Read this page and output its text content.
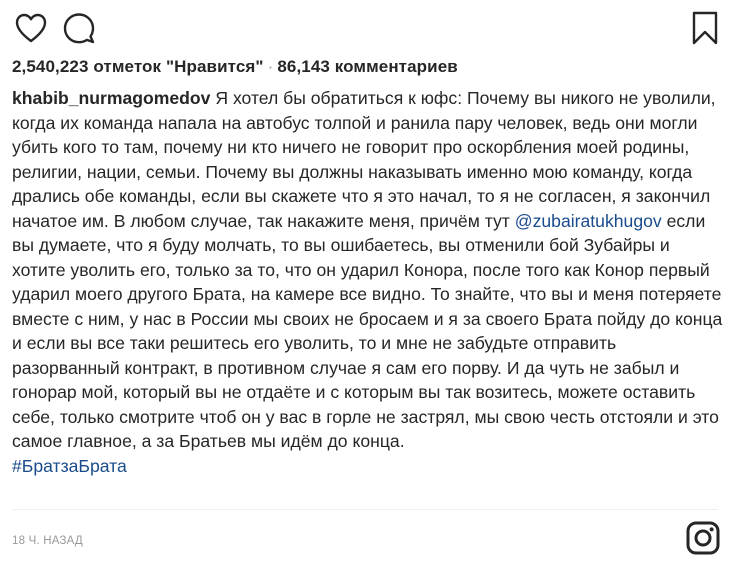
2,540,223 отметок "Нравится" · 86,143 комментариев
khabib_nurmagomedov Я хотел бы обратиться к юфс: Почему вы никого не уволили, когда их команда напала на автобус толпой и ранила пару человек, ведь они могли убить кого то там, почему ни кто ничего не говорит про оскорбления моей родины, религии, нации, семьи. Почему вы должны наказывать именно мою команду, когда дрались обе команды, если вы скажете что я это начал, то я не согласен, я закончил начатое им. В любом случае, так накажите меня, причём тут @zubairatukhugov если вы думаете, что я буду молчать, то вы ошибаетесь, вы отменили бой Зубайры и хотите уволить его, только за то, что он ударил Конора, после того как Конор первый ударил моего другого Брата, на камере все видно. То знайте, что вы и меня потеряете вместе с ним, у нас в России мы своих не бросаем и я за своего Брата пойду до конца и если вы все таки решитесь его уволить, то и мне не забудьте отправить разорванный контракт, в противном случае я сам его порву. И да чуть не забыл и гонорар мой, который вы не отдаёте и с которым вы так возитесь, можете оставить себе, только смотрите чтоб он у вас в горле не застрял, мы свою честь отстояли и это самое главное, а за Братьев мы идём до конца.
#БратзаБрата
18 Ч. НАЗАД
